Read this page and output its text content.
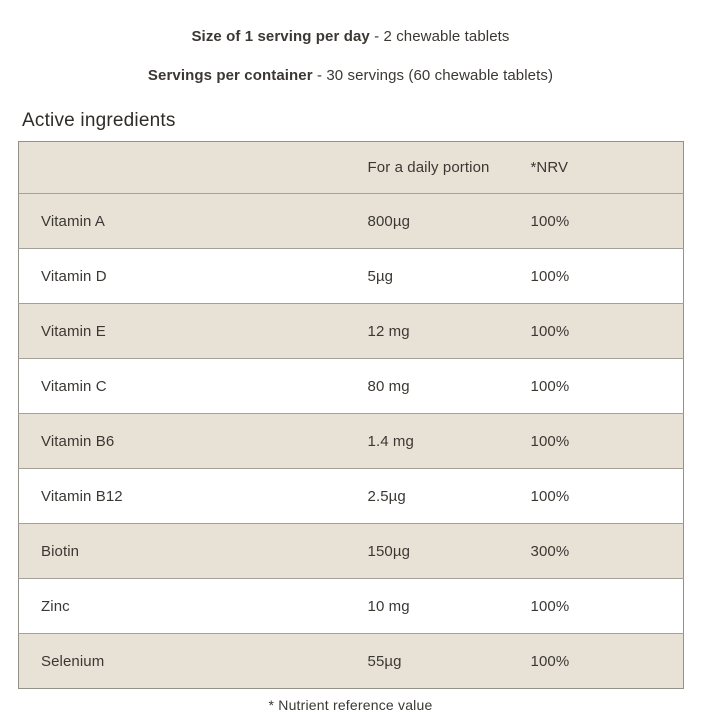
Size of 1 serving per day - 2 chewable tablets
Servings per container - 30 servings (60 chewable tablets)
Active ingredients
	For a daily portion	*NRV
Vitamin A	800µg	100%
Vitamin D	5µg	100%
Vitamin E	12 mg	100%
Vitamin C	80 mg	100%
Vitamin B6	1.4 mg	100%
Vitamin B12	2.5µg	100%
Biotin	150µg	300%
Zinc	10 mg	100%
Selenium	55µg	100%
* Nutrient reference value
